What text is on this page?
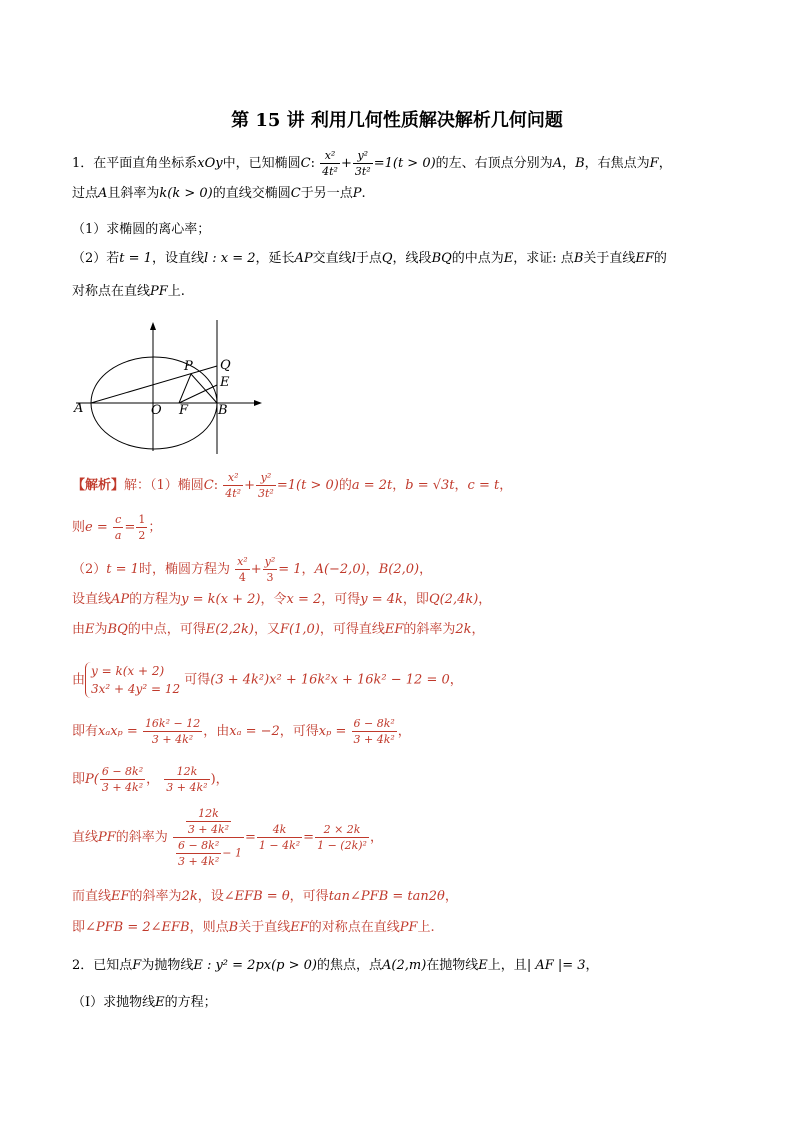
第 15 讲 利用几何性质解决解析几何问题
1．在平面直角坐标系xOy中，已知椭圆C: $\frac{\text{x²}}{\text{4t²}} + \frac{\text{y²}}{\text{3t²}} =1(t > 0)$的左、右顶点分别为A，B，右焦点为F，
过点A且斜率为k(k > 0)的直线交椭圆C于另一点P.
（1）求椭圆的离心率；
（2）若t = 1，设直线l : x = 2，延长AP交直线l于点Q，线段BQ的中点为E，求证: 点B关于直线EF的
对称点在直线PF上.
A	O F B
P Q
E
【解析】解：（1）椭圆C: $\frac{\text{x²}}{\text{4t²}} + \frac{\text{y²}}{\text{3t²}} =1(t > 0)$的a = 2t，b = √3t，c = t，
则$e = \frac{c}{a} = \frac{1}{2}$ ；
（2）t = 1时，椭圆方程为 $\frac{\text{x²}}{4} + \frac{\text{y²}}{3} = 1$，A(−2,0)，B(2,0)，
设直线AP的方程为y = k(x + 2)，令x = 2，可得y = 4k，即Q(2,4k)，
由E为BQ的中点，可得E(2,2k)，又F(1,0)，可得直线EF的斜率为2k，
由y = k(x + 2)
3x² + 4y² = 12 可得(3 + 4k²)x² + 16k²x + 16k² − 12 = 0，
即有$x_ax_p = \frac{\text{16k² − 12}}{\text{3 + 4k²}}$ ，由xₐ = −2，可得$x_p = \frac{\text{6 − 8k²}}{\text{3 + 4k²}}$ ，
即$P( \frac{\text{6 − 8k²}}{\text{3 + 4k²}}$ ， $\frac{12k}{\text{3 + 4k²}}$ )，
直线PF的斜率为 $\frac{\frac{12k}{\text{3 + 4k²}}}{\frac{\text{6 − 8k²}}{\text{3 + 4k²}} - 1} = \frac{4k}{\text{1 − 4k²}} = \frac{2 \times 2k}{\text{1 − (2k)²}}$ ，
而直线EF的斜率为2k，设∠EFB = θ，可得tan∠PFB = tan2θ，
即∠PFB = 2∠EFB，则点B关于直线EF的对称点在直线PF上.
2．已知点F为抛物线E : y² = 2px(p > 0)的焦点，点A(2,m)在抛物线E上，且| AF |= 3，
（Ⅰ）求抛物线E的方程；
